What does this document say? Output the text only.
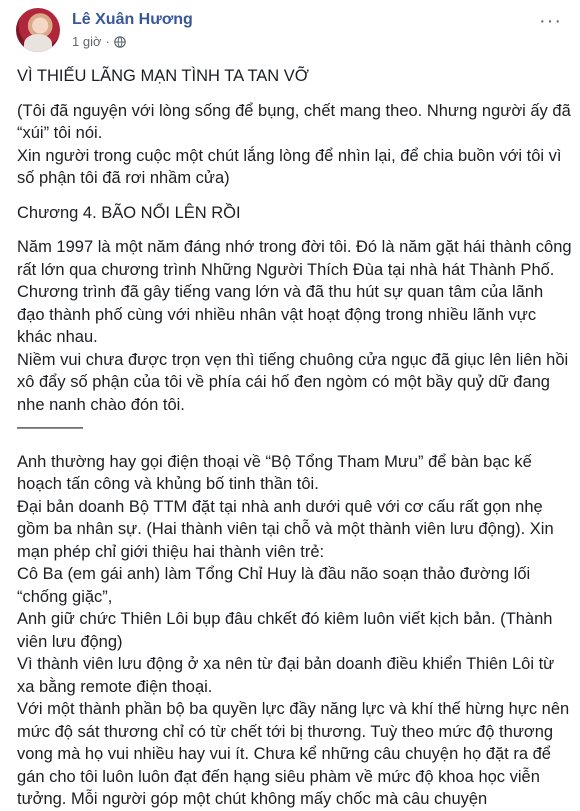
Lê Xuân Hương
1 giờ ·
···

VÌ THIẾU LÃNG MẠN TÌNH TA TAN VỠ

(Tôi đã nguyện với lòng sống để bụng, chết mang theo. Nhưng người ấy đã “xúi” tôi nói.

Xin người trong cuộc một chút lắng lòng để nhìn lại, để chia buồn với tôi vì số phận tôi đã rơi nhầm cửa)

Chương 4. BÃO NỔI LÊN RỒI

Năm 1997 là một năm đáng nhớ trong đời tôi. Đó là năm gặt hái thành công rất lớn qua chương trình Những Người Thích Đùa tại nhà hát Thành Phố. Chương trình đã gây tiếng vang lớn và đã thu hút sự quan tâm của lãnh đạo thành phố cùng với nhiều nhân vật hoạt động trong nhiều lãnh vực khác nhau.

Niềm vui chưa được trọn vẹn thì tiếng chuông cửa ngục đã giục lên liên hồi xô đẩy số phận của tôi về phía cái hố đen ngòm có một bầy quỷ dữ đang nhe nanh chào đón tôi.

————

Anh thường hay gọi điện thoại về “Bộ Tổng Tham Mưu” để bàn bạc kế hoạch tấn công và khủng bố tinh thần tôi.

Đại bản doanh Bộ TTM đặt tại nhà anh dưới quê với cơ cấu rất gọn nhẹ gồm ba nhân sự. (Hai thành viên tại chỗ và một thành viên lưu động). Xin mạn phép chỉ giới thiệu hai thành viên trẻ:

Cô Ba (em gái anh) làm Tổng Chỉ Huy là đầu não soạn thảo đường lối “chống giặc”,

Anh giữ chức Thiên Lôi bụp đâu chkết đó kiêm luôn viết kịch bản. (Thành viên lưu động)

Vì thành viên lưu động ở xa nên từ đại bản doanh điều khiển Thiên Lôi từ xa bằng remote điện thoại.

Với một thành phần bộ ba quyền lực đầy năng lực và khí thế hừng hực nên mức độ sát thương chỉ có từ chết tới bị thương. Tuỳ theo mức độ thương vong mà họ vui nhiều hay vui ít. Chưa kể những câu chuyện họ đặt ra để gán cho tôi luôn luôn đạt đến hạng siêu phàm về mức độ khoa học viễn tưởng. Mỗi người góp một chút không mấy chốc mà câu chuyện
